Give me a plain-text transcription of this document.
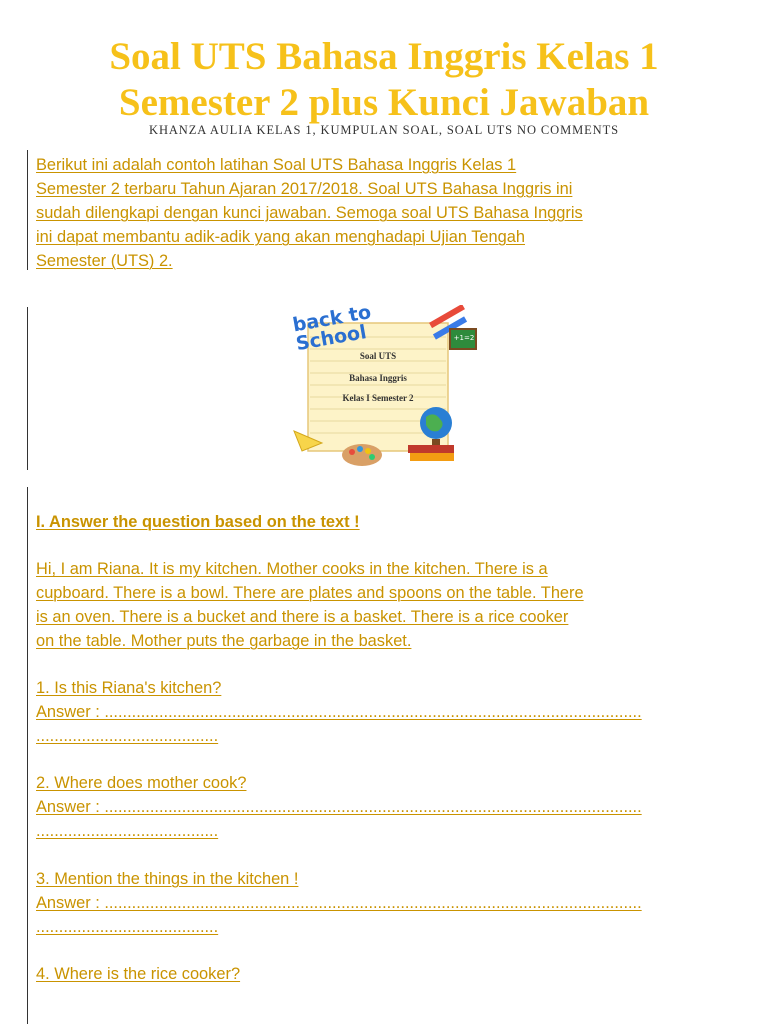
Soal UTS Bahasa Inggris Kelas 1
Semester 2 plus Kunci Jawaban
KHANZA AULIA KELAS 1, KUMPULAN SOAL, SOAL UTS NO COMMENTS

Berikut ini adalah contoh latihan Soal UTS Bahasa Inggris Kelas 1

Semester 2 terbaru Tahun Ajaran 2017/2018. Soal UTS Bahasa Inggris ini

sudah dilengkapi dengan kunci jawaban. Semoga soal UTS Bahasa Inggris

ini dapat membantu adik-adik yang akan menghadapi Ujian Tengah

Semester (UTS) 2.

back to School
Soal UTS
Bahasa Inggris
Kelas I Semester 2
+1=2
I. Answer the question based on the text !

Hi, I am Riana. It is my kitchen. Mother cooks in the kitchen. There is a

cupboard. There is a bowl. There are plates and spoons on the table. There

is an oven. There is a bucket and there is a basket. There is a rice cooker

on the table. Mother puts the garbage in the basket.

1. Is this Riana's kitchen?
Answer : ......................................................................................................................
........................................
2. Where does mother cook?
Answer : ......................................................................................................................
........................................
3. Mention the things in the kitchen !
Answer : ......................................................................................................................
........................................
4. Where is the rice cooker?
